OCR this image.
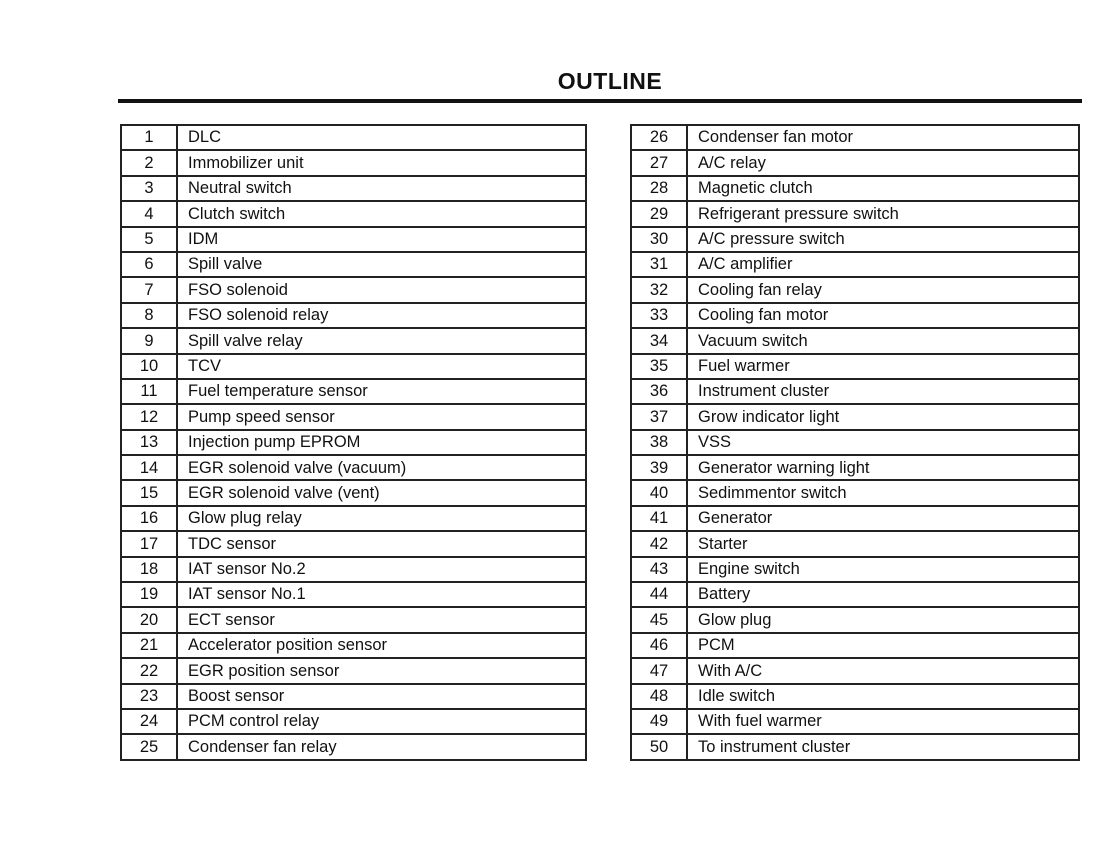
OUTLINE
1	DLC
2	Immobilizer unit
3	Neutral switch
4	Clutch switch
5	IDM
6	Spill valve
7	FSO solenoid
8	FSO solenoid relay
9	Spill valve relay
10	TCV
11	Fuel temperature sensor
12	Pump speed sensor
13	Injection pump EPROM
14	EGR solenoid valve (vacuum)
15	EGR solenoid valve (vent)
16	Glow plug relay
17	TDC sensor
18	IAT sensor No.2
19	IAT sensor No.1
20	ECT sensor
21	Accelerator position sensor
22	EGR position sensor
23	Boost sensor
24	PCM control relay
25	Condenser fan relay
26	Condenser fan motor
27	A/C relay
28	Magnetic clutch
29	Refrigerant pressure switch
30	A/C pressure switch
31	A/C amplifier
32	Cooling fan relay
33	Cooling fan motor
34	Vacuum switch
35	Fuel warmer
36	Instrument cluster
37	Grow indicator light
38	VSS
39	Generator warning light
40	Sedimmentor switch
41	Generator
42	Starter
43	Engine switch
44	Battery
45	Glow plug
46	PCM
47	With A/C
48	Idle switch
49	With fuel warmer
50	To instrument cluster
